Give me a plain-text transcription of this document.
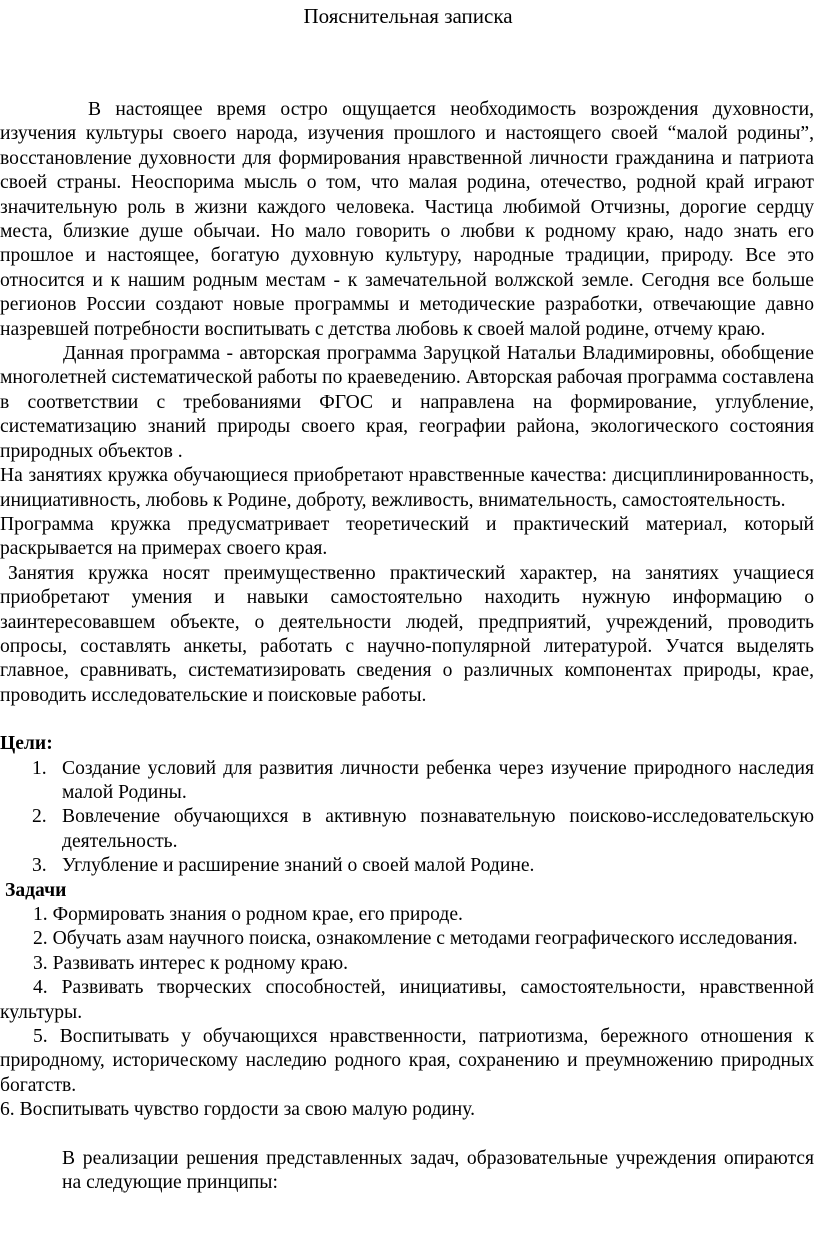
Пояснительная записка

В настоящее время остро ощущается необходимость возрождения духовности, изучения культуры своего народа, изучения прошлого и настоящего своей “малой родины”, восстановление духовности для формирования нравственной личности гражданина и патриота своей страны. Неоспорима мысль о том, что малая родина, отечество, родной край играют значительную роль в жизни каждого человека. Частица любимой Отчизны, дорогие сердцу места, близкие душе обычаи. Но мало говорить о любви к родному краю, надо знать его прошлое и настоящее, богатую духовную культуру, народные традиции, природу. Все это относится и к нашим родным местам - к замечательной волжской земле. Сегодня все больше регионов России создают новые программы и методические разработки, отвечающие давно назревшей потребности воспитывать с детства любовь к своей малой родине, отчему краю.

Данная программа - авторская программа Заруцкой Натальи Владимировны, обобщение многолетней систематической работы по краеведению. Авторская рабочая программа составлена в соответствии с требованиями ФГОС и направлена на формирование, углубление, систематизацию знаний природы своего края, географии района, экологического состояния природных объектов .

На занятиях кружка обучающиеся приобретают нравственные качества: дисциплинированность, инициативность, любовь к Родине, доброту, вежливость, внимательность, самостоятельность.

Программа кружка предусматривает теоретический и практический материал, который раскрывается на примерах своего края.

Занятия кружка носят преимущественно практический характер, на занятиях учащиеся приобретают умения и навыки самостоятельно находить нужную информацию о заинтересовавшем объекте, о деятельности людей, предприятий, учреждений, проводить опросы, составлять анкеты, работать с научно-популярной литературой. Учатся выделять главное, сравнивать, систематизировать сведения о различных компонентах природы, крае, проводить исследовательские и поисковые работы.

Цели:
1. Создание условий для развития личности ребенка через изучение природного наследия малой Родины.
2. Вовлечение обучающихся в активную познавательную поисково-исследовательскую деятельность.
3. Углубление и расширение знаний о своей малой Родине.
Задачи

1. Формировать знания о родном крае, его природе.

2. Обучать азам научного поиска, ознакомление с методами географического исследования.

3. Развивать интерес к родному краю.

4. Развивать творческих способностей, инициативы, самостоятельности, нравственной культуры.

5. Воспитывать у обучающихся нравственности, патриотизма, бережного отношения к природному, историческому наследию родного края, сохранению и преумножению природных богатств.

6. Воспитывать чувство гордости за свою малую родину.

В реализации решения представленных задач, образовательные учреждения опираются на следующие принципы:
